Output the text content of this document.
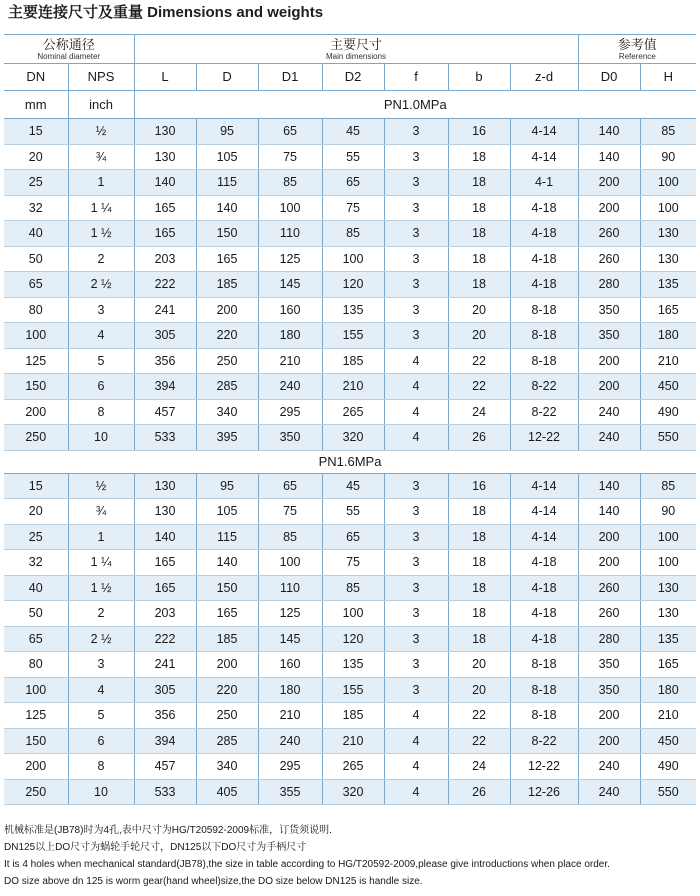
主要连接尺寸及重量 Dimensions and weights
公称通径
Nominal diameter		主要尺寸
Main dimensions							参考值
Reference	

DN	NPS	L	D	D1	D2	f	b	z-d	D0	H
mm	inch	PN1.0MPa								
15	½	130	95	65	45	3	16	4-14	140	85
20	¾	130	105	75	55	3	18	4-14	140	90
25	1	140	115	85	65	3	18	4-1	200	100
32	1 ¼	165	140	100	75	3	18	4-18	200	100
40	1 ½	165	150	110	85	3	18	4-18	260	130
50	2	203	165	125	100	3	18	4-18	260	130
65	2 ½	222	185	145	120	3	18	4-18	280	135
80	3	241	200	160	135	3	20	8-18	350	165
100	4	305	220	180	155	3	20	8-18	350	180
125	5	356	250	210	185	4	22	8-18	200	210
150	6	394	285	240	210	4	22	8-22	200	450
200	8	457	340	295	265	4	24	8-22	240	490
250	10	533	395	350	320	4	26	12-22	240	550
PN1.6MPa										
15	½	130	95	65	45	3	16	4-14	140	85
20	¾	130	105	75	55	3	18	4-14	140	90
25	1	140	115	85	65	3	18	4-14	200	100
32	1 ¼	165	140	100	75	3	18	4-18	200	100
40	1 ½	165	150	110	85	3	18	4-18	260	130
50	2	203	165	125	100	3	18	4-18	260	130
65	2 ½	222	185	145	120	3	18	4-18	280	135
80	3	241	200	160	135	3	20	8-18	350	165
100	4	305	220	180	155	3	20	8-18	350	180
125	5	356	250	210	185	4	22	8-18	200	210
150	6	394	285	240	210	4	22	8-22	200	450
200	8	457	340	295	265	4	24	12-22	240	490
250	10	533	405	355	320	4	26	12-26	240	550
机械标准是(JB78)时为4孔,表中尺寸为HG/T20592-2009标准，订货须说明.
DN125以上DO尺寸为蜗轮手轮尺寸，DN125以下DO尺寸为手柄尺寸
It is 4 holes when mechanical standard(JB78),the size in table according to HG/T20592-2009,please give introductions when place order.
DO size above dn 125 is worm gear(hand wheel)size,the DO size below DN125 is handle size.
